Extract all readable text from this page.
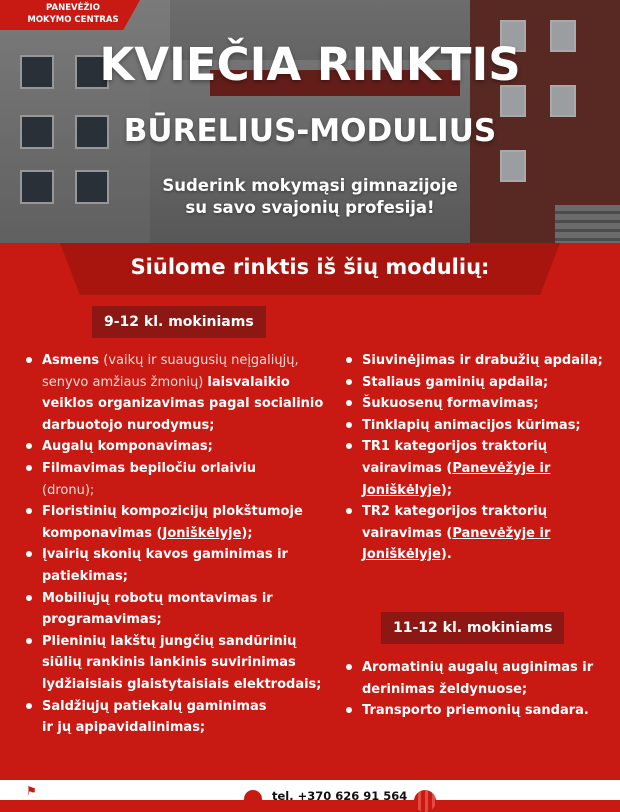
PANEVĖŽIO
MOKYMO CENTRAS
KVIEČIA RINKTIS
BŪRELIUS-MODULIUS
Suderink mokymąsi gimnazijoje
su savo svajonių profesija!
Siūlome rinktis iš šių modulių:
9-12 kl. mokiniams
11-12 kl. mokiniams
Asmens (vaikų ir suaugusių neįgaliųjų, senyvo amžiaus žmonių) laisvalaikio veiklos organizavimas pagal socialinio darbuotojo nurodymus;
Augalų komponavimas;
Filmavimas bepiločiu orlaiviu
(dronu);
Floristinių kompozicijų plokštumoje komponavimas (Joniškėlyje);
Įvairių skonių kavos gaminimas ir patiekimas;
Mobiliųjų robotų montavimas ir programavimas;
Plieninių lakštų jungčių sandūrinių siūlių rankinis lankinis suvirinimas lydžiaisiais glaistytaisiais elektrodais;
Saldžiųjų patiekalų gaminimas
ir jų apipavidalinimas;
Siuvinėjimas ir drabužių apdaila;
Staliaus gaminių apdaila;
Šukuosenų formavimas;
Tinklapių animacijos kūrimas;
TR1 kategorijos traktorių vairavimas (Panevėžyje ir Joniškėlyje);
TR2 kategorijos traktorių vairavimas (Panevėžyje ir Joniškėlyje).
Aromatinių augalų auginimas ir derinimas želdynuose;
Transporto priemonių sandara.
⚑	tel. +370 626 91 564
